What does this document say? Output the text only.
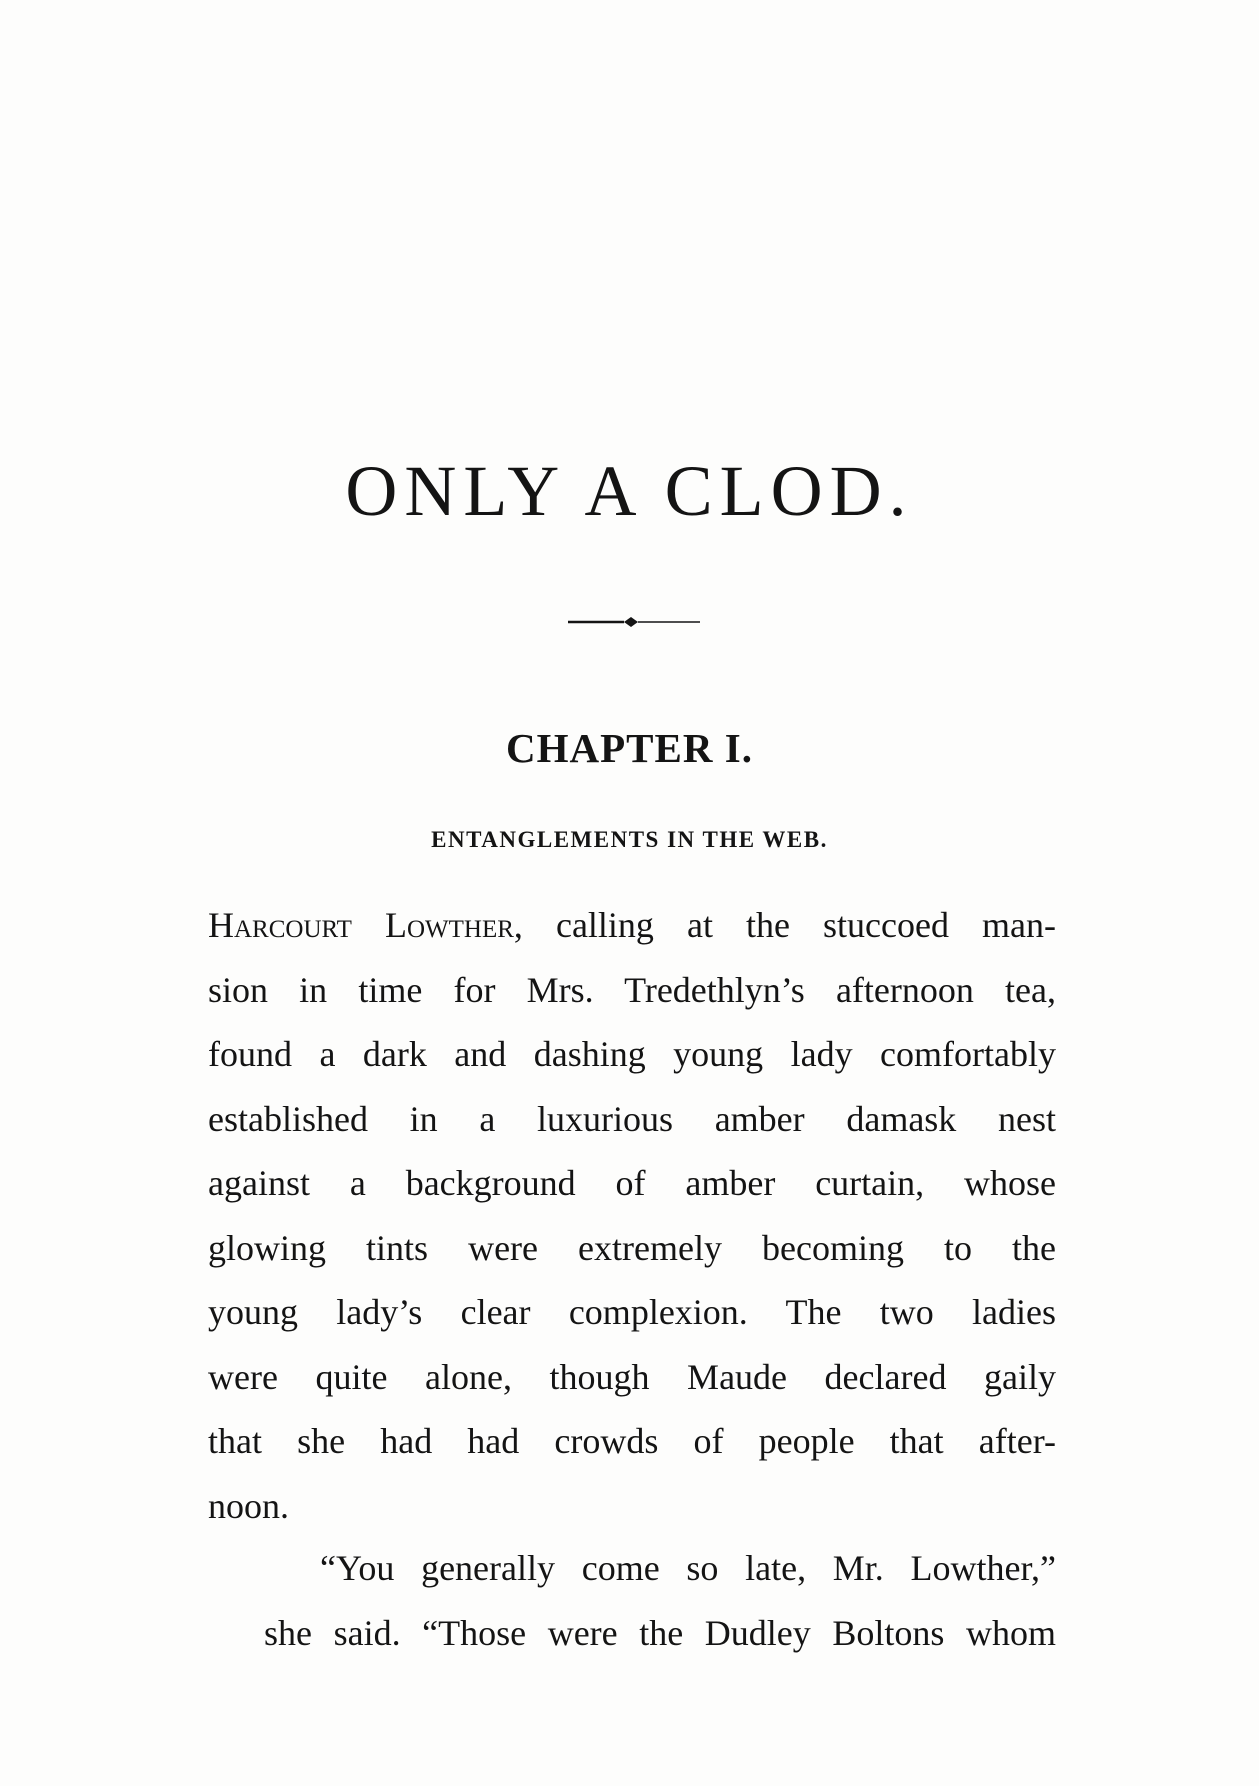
ONLY A CLOD.
CHAPTER I.
ENTANGLEMENTS IN THE WEB.
Harcourt Lowther, calling at the stuccoed man-
sion in time for Mrs. Tredethlyn’s afternoon tea,
found a dark and dashing young lady comfortably
established in a luxurious amber damask nest
against a background of amber curtain, whose
glowing tints were extremely becoming to the
young lady’s clear complexion. The two ladies
were quite alone, though Maude declared gaily
that she had had crowds of people that after-
noon.
“You generally come so late, Mr. Lowther,”
she said. “Those were the Dudley Boltons whom
